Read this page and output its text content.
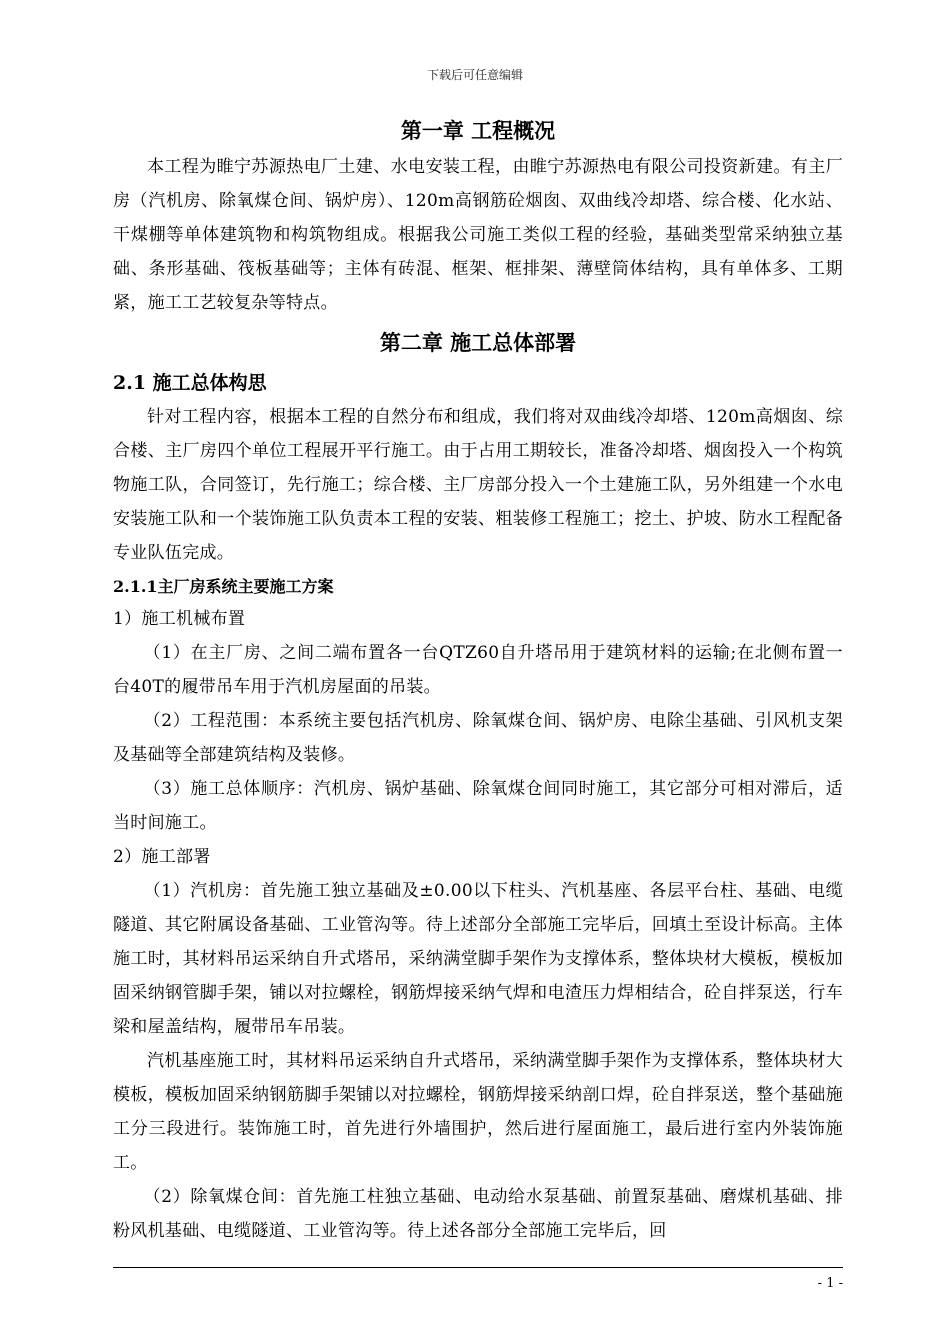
下载后可任意编辑
第一章 工程概况

本工程为睢宁苏源热电厂土建、水电安装工程，由睢宁苏源热电有限公司投资新建。有主厂房（汽机房、除氧煤仓间、锅炉房）、120m高钢筋砼烟囱、双曲线冷却塔、综合楼、化水站、干煤棚等单体建筑物和构筑物组成。根据我公司施工类似工程的经验，基础类型常采纳独立基础、条形基础、筏板基础等；主体有砖混、框架、框排架、薄壁筒体结构，具有单体多、工期紧，施工工艺较复杂等特点。

第二章 施工总体部署
2.1 施工总体构思

针对工程内容，根据本工程的自然分布和组成，我们将对双曲线冷却塔、120m高烟囱、综合楼、主厂房四个单位工程展开平行施工。由于占用工期较长，准备冷却塔、烟囱投入一个构筑物施工队，合同签订，先行施工；综合楼、主厂房部分投入一个土建施工队，另外组建一个水电安装施工队和一个装饰施工队负责本工程的安装、粗装修工程施工；挖土、护坡、防水工程配备专业队伍完成。

2.1.1主厂房系统主要施工方案

1）施工机械布置

（1）在主厂房、之间二端布置各一台QTZ60自升塔吊用于建筑材料的运输;在北侧布置一台40T的履带吊车用于汽机房屋面的吊装。

（2）工程范围：本系统主要包括汽机房、除氧煤仓间、锅炉房、电除尘基础、引风机支架及基础等全部建筑结构及装修。

（3）施工总体顺序：汽机房、锅炉基础、除氧煤仓间同时施工，其它部分可相对滞后，适当时间施工。

2）施工部署

（1）汽机房：首先施工独立基础及±0.00以下柱头、汽机基座、各层平台柱、基础、电缆隧道、其它附属设备基础、工业管沟等。待上述部分全部施工完毕后，回填土至设计标高。主体施工时，其材料吊运采纳自升式塔吊，采纳满堂脚手架作为支撑体系，整体块材大模板，模板加固采纳钢管脚手架，铺以对拉螺栓，钢筋焊接采纳气焊和电渣压力焊相结合，砼自拌泵送，行车梁和屋盖结构，履带吊车吊装。

汽机基座施工时，其材料吊运采纳自升式塔吊，采纳满堂脚手架作为支撑体系，整体块材大模板，模板加固采纳钢筋脚手架铺以对拉螺栓，钢筋焊接采纳剖口焊，砼自拌泵送，整个基础施工分三段进行。装饰施工时，首先进行外墙围护，然后进行屋面施工，最后进行室内外装饰施工。

（2）除氧煤仓间：首先施工柱独立基础、电动给水泵基础、前置泵基础、磨煤机基础、排粉风机基础、电缆隧道、工业管沟等。待上述各部分全部施工完毕后，回

- 1 -
